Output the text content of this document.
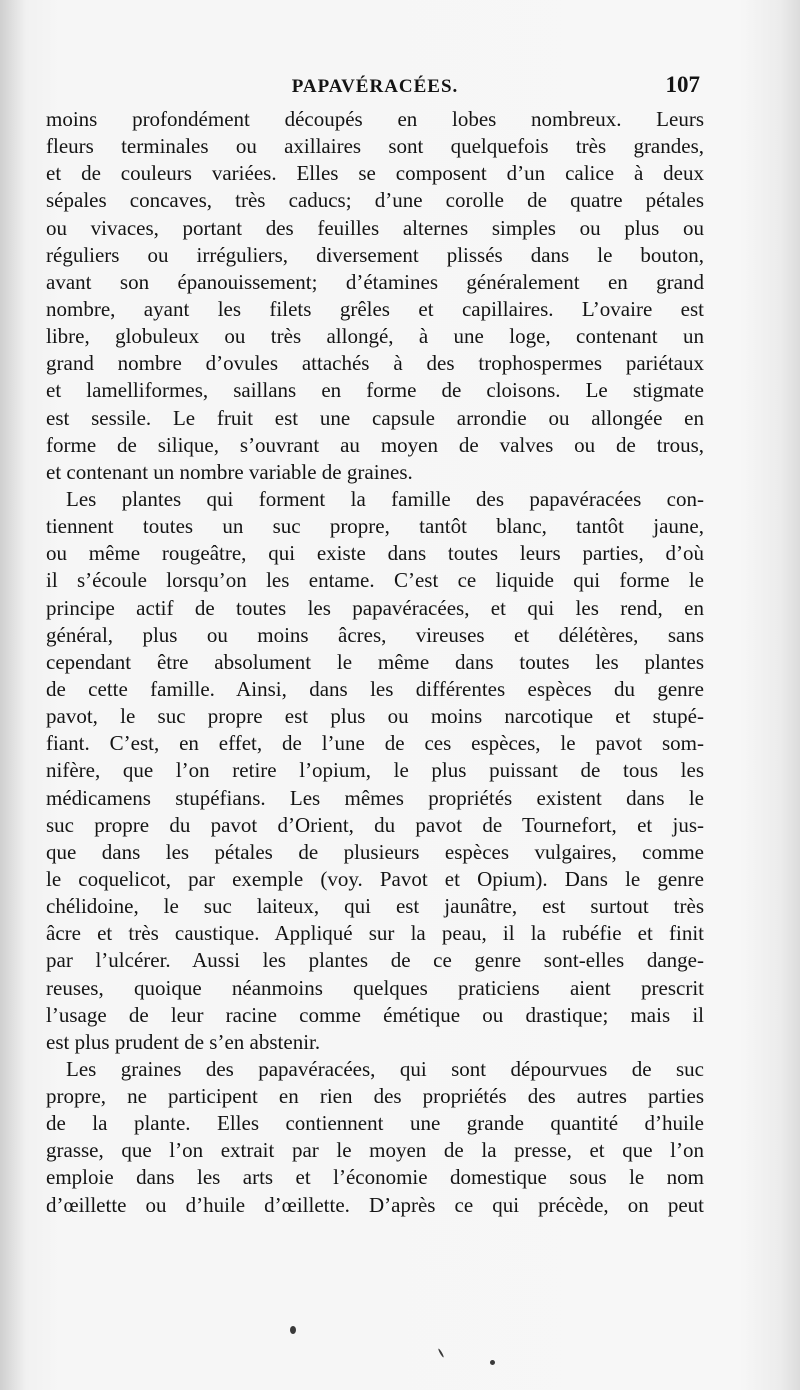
PAPAVÉRACÉES.	107
moins profondément découpés en lobes nombreux. Leurs
fleurs terminales ou axillaires sont quelquefois très grandes,
et de couleurs variées. Elles se composent d’un calice à deux
sépales concaves, très caducs; d’une corolle de quatre pétales
ou vivaces, portant des feuilles alternes simples ou plus ou
réguliers ou irréguliers, diversement plissés dans le bouton,
avant son épanouissement; d’étamines généralement en grand
nombre, ayant les filets grêles et capillaires. L’ovaire est
libre, globuleux ou très allongé, à une loge, contenant un
grand nombre d’ovules attachés à des trophospermes pariétaux
et lamelliformes, saillans en forme de cloisons. Le stigmate
est sessile. Le fruit est une capsule arrondie ou allongée en
forme de silique, s’ouvrant au moyen de valves ou de trous,
et contenant un nombre variable de graines.
Les plantes qui forment la famille des papavéracées con-
tiennent toutes un suc propre, tantôt blanc, tantôt jaune,
ou même rougeâtre, qui existe dans toutes leurs parties, d’où
il s’écoule lorsqu’on les entame. C’est ce liquide qui forme le
principe actif de toutes les papavéracées, et qui les rend, en
général, plus ou moins âcres, vireuses et délétères, sans
cependant être absolument le même dans toutes les plantes
de cette famille. Ainsi, dans les différentes espèces du genre
pavot, le suc propre est plus ou moins narcotique et stupé-
fiant. C’est, en effet, de l’une de ces espèces, le pavot som-
nifère, que l’on retire l’opium, le plus puissant de tous les
médicamens stupéfians. Les mêmes propriétés existent dans le
suc propre du pavot d’Orient, du pavot de Tournefort, et jus-
que dans les pétales de plusieurs espèces vulgaires, comme
le coquelicot, par exemple (voy. Pavot et Opium). Dans le genre
chélidoine, le suc laiteux, qui est jaunâtre, est surtout très
âcre et très caustique. Appliqué sur la peau, il la rubéfie et finit
par l’ulcérer. Aussi les plantes de ce genre sont-elles dange-
reuses, quoique néanmoins quelques praticiens aient prescrit
l’usage de leur racine comme émétique ou drastique; mais il
est plus prudent de s’en abstenir.
Les graines des papavéracées, qui sont dépourvues de suc
propre, ne participent en rien des propriétés des autres parties
de la plante. Elles contiennent une grande quantité d’huile
grasse, que l’on extrait par le moyen de la presse, et que l’on
emploie dans les arts et l’économie domestique sous le nom
d’œillette ou d’huile d’œillette. D’après ce qui précède, on peut
